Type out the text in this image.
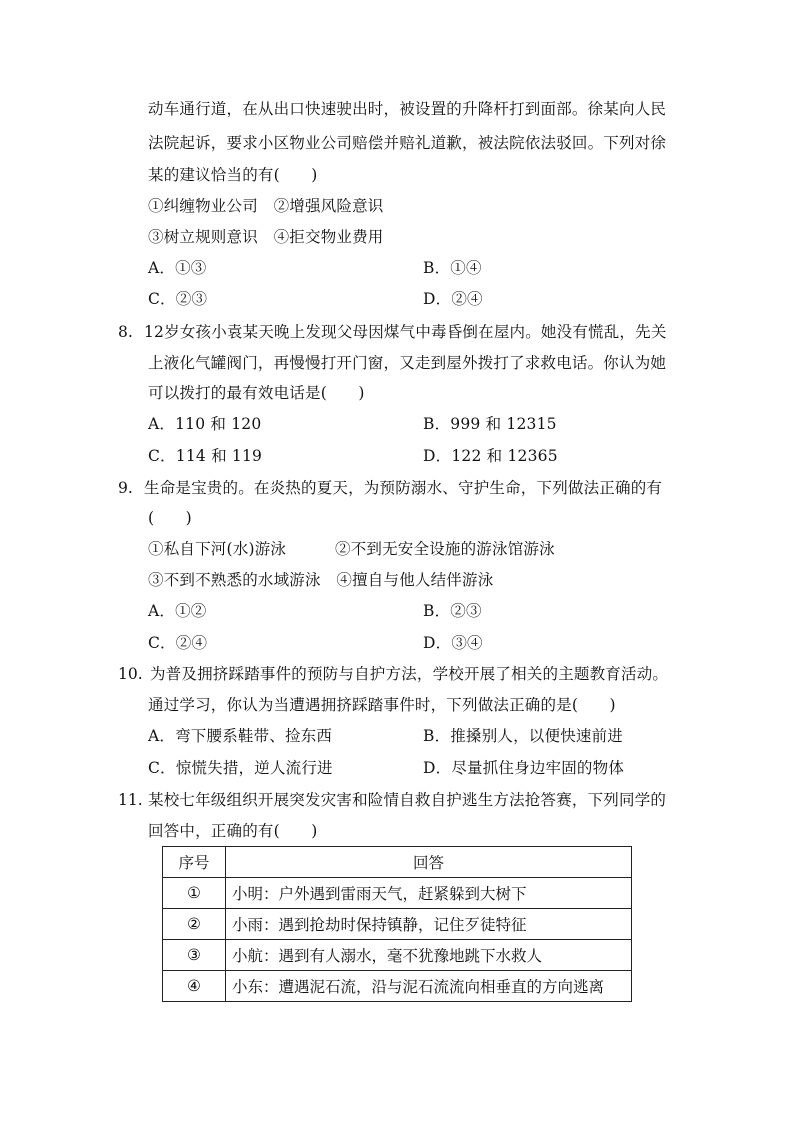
动车通行道，在从出口快速驶出时，被设置的升降杆打到面部。徐某向人民
法院起诉，要求小区物业公司赔偿并赔礼道歉，被法院依法驳回。下列对徐
某的建议恰当的有(　　)
①纠缠物业公司　②增强风险意识
③树立规则意识　④拒交物业费用
A．①③	B．①④
C．②③	D．②④
8. 12岁女孩小袁某天晚上发现父母因煤气中毒昏倒在屋内。她没有慌乱，先关
上液化气罐阀门，再慢慢打开门窗，又走到屋外拨打了求救电话。你认为她
可以拨打的最有效电话是(　　)
A．110 和 120	B．999 和 12315
C．114 和 119	D．122 和 12365
9. 生命是宝贵的。在炎热的夏天，为预防溺水、守护生命，下列做法正确的有
(　　)
①私自下河(水)游泳	②不到无安全设施的游泳馆游泳
③不到不熟悉的水域游泳　④擅自与他人结伴游泳
A．①②	B．②③
C．②④	D．③④
10. 为普及拥挤踩踏事件的预防与自护方法，学校开展了相关的主题教育活动。
通过学习，你认为当遭遇拥挤踩踏事件时，下列做法正确的是(　　)
A．弯下腰系鞋带、捡东西	B．推搡别人，以便快速前进
C．惊慌失措，逆人流行进	D．尽量抓住身边牢固的物体
11. 某校七年级组织开展突发灾害和险情自救自护逃生方法抢答赛，下列同学的
回答中，正确的有(　　)
序号	回答
①	小明：户外遇到雷雨天气，赶紧躲到大树下
②	小雨：遇到抢劫时保持镇静，记住歹徒特征
③	小航：遇到有人溺水，毫不犹豫地跳下水救人
④	小东：遭遇泥石流，沿与泥石流流向相垂直的方向逃离
